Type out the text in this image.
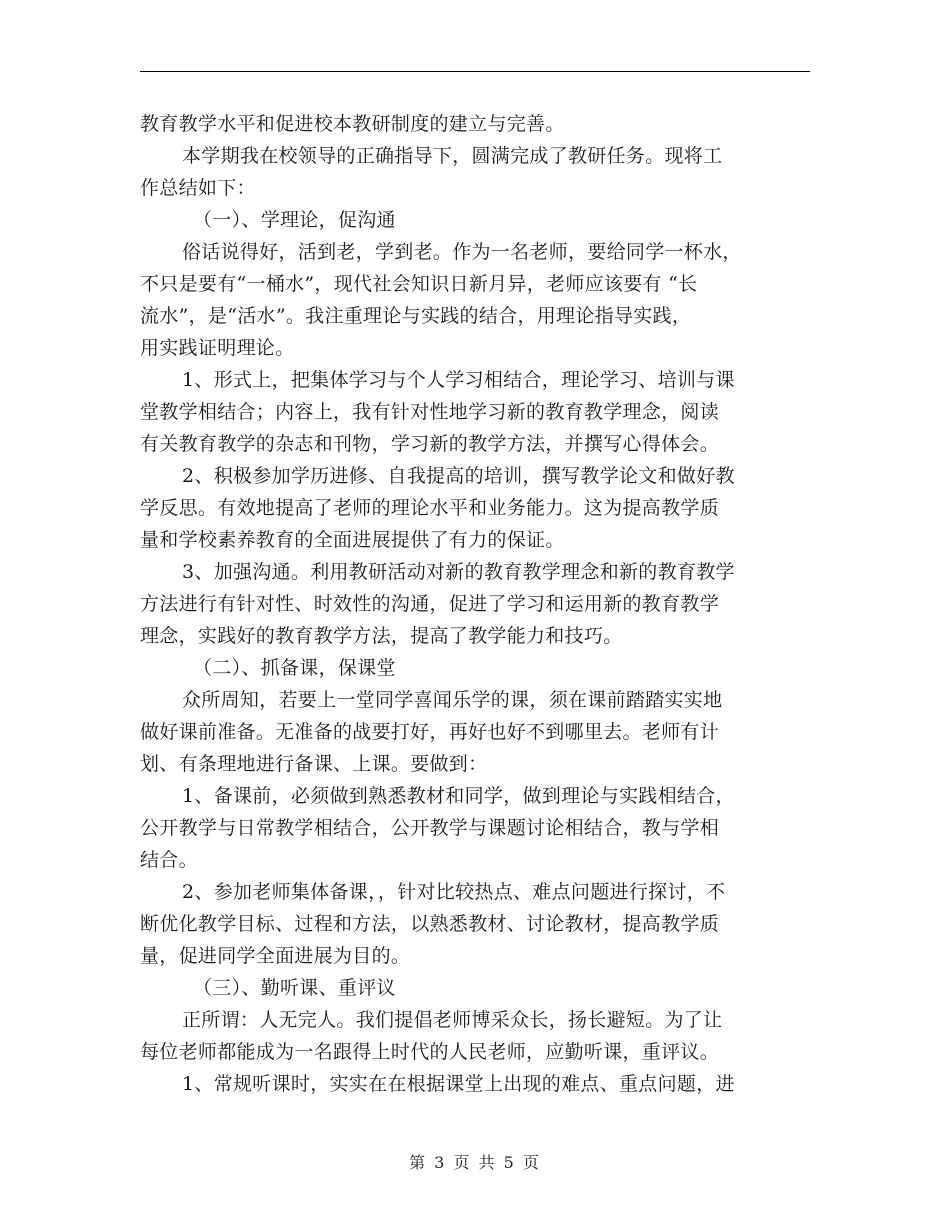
教育教学水平和促进校本教研制度的建立与完善。
本学期我在校领导的正确指导下，圆满完成了教研任务。现将工
作总结如下：
（一）、学理论，促沟通
俗话说得好，活到老，学到老。作为一名老师，要给同学一杯水，
不只是要有“一桶水”，现代社会知识日新月异，老师应该要有 “长
流水”，是“活水”。我注重理论与实践的结合，用理论指导实践，
用实践证明理论。
1、形式上，把集体学习与个人学习相结合，理论学习、培训与课
堂教学相结合；内容上，我有针对性地学习新的教育教学理念，阅读
有关教育教学的杂志和刊物，学习新的教学方法，并撰写心得体会。
2、积极参加学历进修、自我提高的培训，撰写教学论文和做好教
学反思。有效地提高了老师的理论水平和业务能力。这为提高教学质
量和学校素养教育的全面进展提供了有力的保证。
3、加强沟通。利用教研活动对新的教育教学理念和新的教育教学
方法进行有针对性、时效性的沟通，促进了学习和运用新的教育教学
理念，实践好的教育教学方法，提高了教学能力和技巧。
（二）、抓备课，保课堂
众所周知，若要上一堂同学喜闻乐学的课，须在课前踏踏实实地
做好课前准备。无准备的战要打好，再好也好不到哪里去。老师有计
划、有条理地进行备课、上课。要做到：
1、备课前，必须做到熟悉教材和同学，做到理论与实践相结合，
公开教学与日常教学相结合，公开教学与课题讨论相结合，教与学相
结合。
2、参加老师集体备课，，针对比较热点、难点问题进行探讨，不
断优化教学目标、过程和方法，以熟悉教材、讨论教材，提高教学质
量，促进同学全面进展为目的。
（三）、勤听课、重评议
正所谓：人无完人。我们提倡老师博采众长，扬长避短。为了让
每位老师都能成为一名跟得上时代的人民老师，应勤听课，重评议。
1、常规听课时，实实在在根据课堂上出现的难点、重点问题，进
第 3 页 共 5 页
